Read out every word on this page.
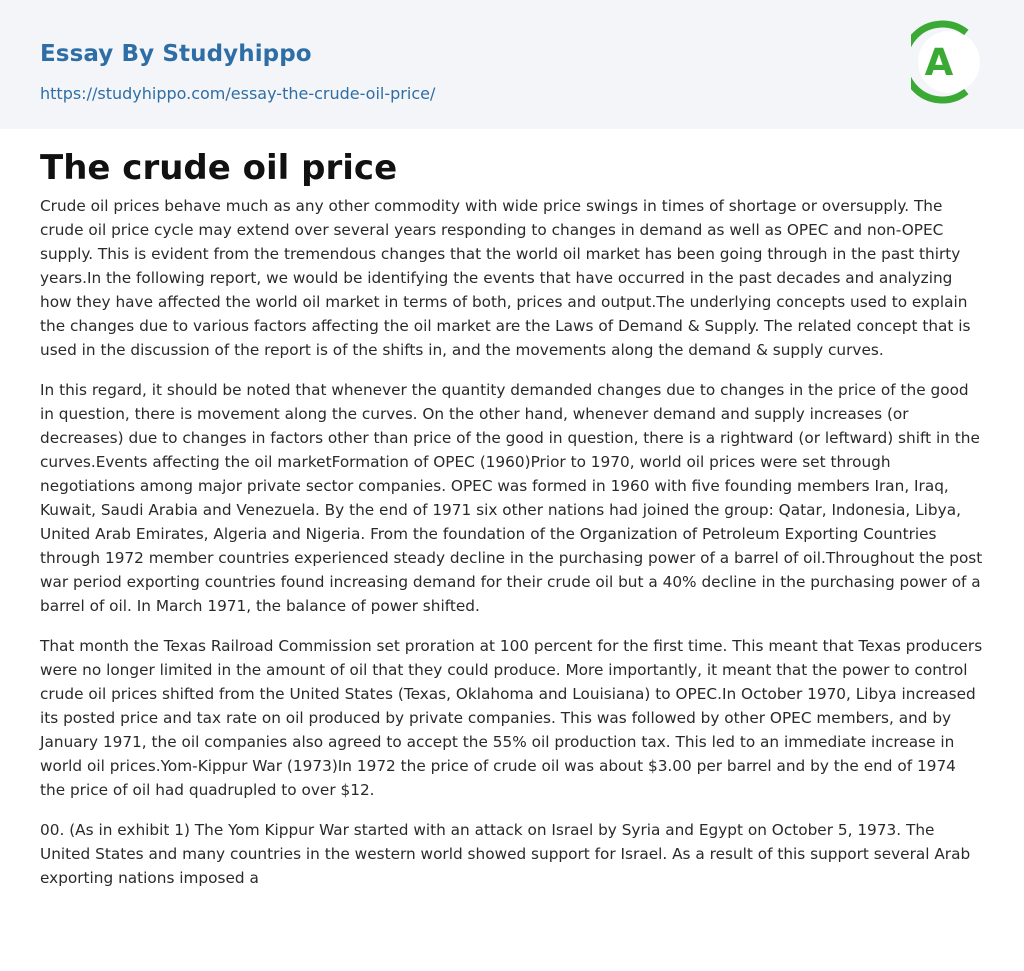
Essay By Studyhippo
https://studyhippo.com/essay-the-crude-oil-price/
A
The crude oil price

Crude oil prices behave much as any other commodity with wide price swings in times of shortage or oversupply. The crude oil price cycle may extend over several years responding to changes in demand as well as OPEC and non-OPEC supply. This is evident from the tremendous changes that the world oil market has been going through in the past thirty years.In the following report, we would be identifying the events that have occurred in the past decades and analyzing how they have affected the world oil market in terms of both, prices and output.The underlying concepts used to explain the changes due to various factors affecting the oil market are the Laws of Demand & Supply. The related concept that is used in the discussion of the report is of the shifts in, and the movements along the demand & supply curves.

In this regard, it should be noted that whenever the quantity demanded changes due to changes in the price of the good in question, there is movement along the curves. On the other hand, whenever demand and supply increases (or decreases) due to changes in factors other than price of the good in question, there is a rightward (or leftward) shift in the curves.Events affecting the oil marketFormation of OPEC (1960)Prior to 1970, world oil prices were set through negotiations among major private sector companies. OPEC was formed in 1960 with five founding members Iran, Iraq, Kuwait, Saudi Arabia and Venezuela. By the end of 1971 six other nations had joined the group: Qatar, Indonesia, Libya, United Arab Emirates, Algeria and Nigeria. From the foundation of the Organization of Petroleum Exporting Countries through 1972 member countries experienced steady decline in the purchasing power of a barrel of oil.Throughout the post war period exporting countries found increasing demand for their crude oil but a 40% decline in the purchasing power of a barrel of oil. In March 1971, the balance of power shifted.

That month the Texas Railroad Commission set proration at 100 percent for the first time. This meant that Texas producers were no longer limited in the amount of oil that they could produce. More importantly, it meant that the power to control crude oil prices shifted from the United States (Texas, Oklahoma and Louisiana) to OPEC.In October 1970, Libya increased its posted price and tax rate on oil produced by private companies. This was followed by other OPEC members, and by January 1971, the oil companies also agreed to accept the 55% oil production tax. This led to an immediate increase in world oil prices.Yom-Kippur War (1973)In 1972 the price of crude oil was about $3.00 per barrel and by the end of 1974 the price of oil had quadrupled to over $12.

00. (As in exhibit 1) The Yom Kippur War started with an attack on Israel by Syria and Egypt on October 5, 1973. The United States and many countries in the western world showed support for Israel. As a result of this support several Arab exporting nations imposed a
